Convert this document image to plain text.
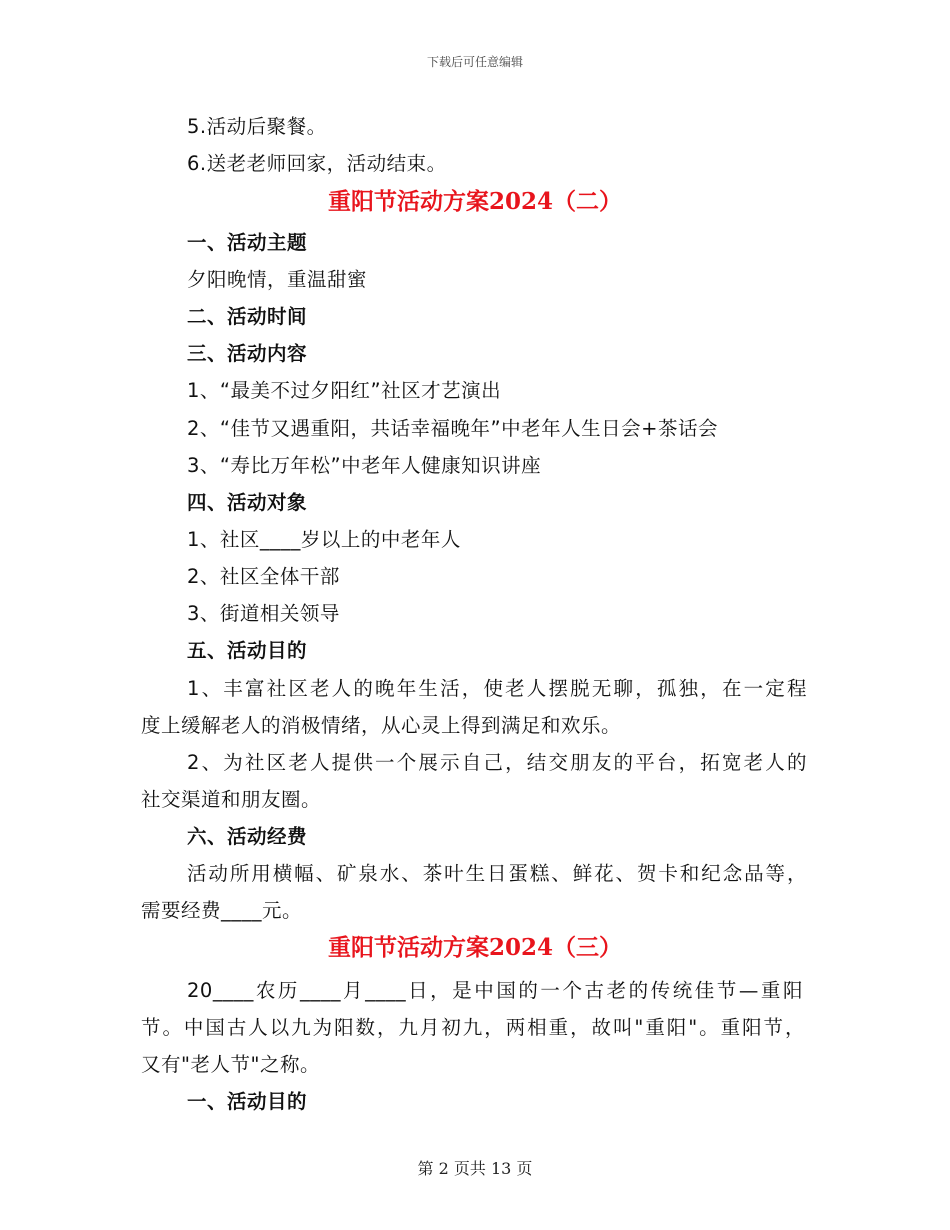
下载后可任意编辑
5.活动后聚餐。
6.送老老师回家，活动结束。
重阳节活动方案2024（二）
一、活动主题
夕阳晚情，重温甜蜜
二、活动时间
三、活动内容
1、“最美不过夕阳红”社区才艺演出
2、“佳节又遇重阳，共话幸福晚年”中老年人生日会+茶话会
3、“寿比万年松”中老年人健康知识讲座
四、活动对象
1、社区____岁以上的中老年人
2、社区全体干部
3、街道相关领导
五、活动目的
1、丰富社区老人的晚年生活，使老人摆脱无聊，孤独，在一定程
度上缓解老人的消极情绪，从心灵上得到满足和欢乐。
2、为社区老人提供一个展示自己，结交朋友的平台，拓宽老人的
社交渠道和朋友圈。
六、活动经费
活动所用横幅、矿泉水、茶叶生日蛋糕、鲜花、贺卡和纪念品等，
需要经费____元。
重阳节活动方案2024（三）
20____农历____月____日，是中国的一个古老的传统佳节—重阳
节。中国古人以九为阳数，九月初九，两相重，故叫"重阳"。重阳节，
又有"老人节"之称。
一、活动目的
第 2 页共 13 页
